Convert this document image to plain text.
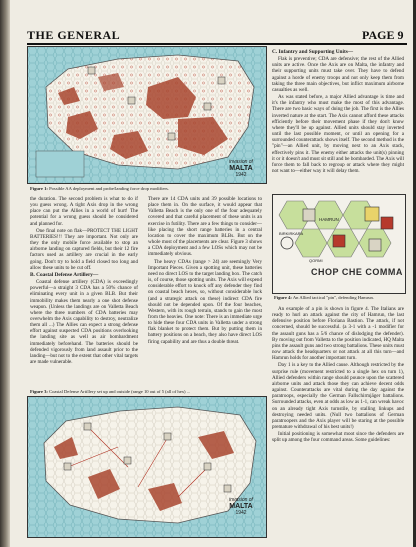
THE GENERAL	PAGE 9
invasion of
MALTA
1942
Figure 1: Possible AA deployment and probe/landing force drop modifiers.

the duration. The second problem is what to do if you guess wrong. A tight Axis drop in the wrong place can put the Allies in a world of hurt! The potential for a wrong guess should be considered and planned for.

One final note on flak—PROTECT THE LIGHT BATTERIES!!! They are important. Not only are they the only mobile force available to stop an airborne landing on captured fields, but their 12 fire factors used as artillery are crucial in the early going. Don't try to hold a field closed too long and allow these units to be cut off.

B. Coastal Defense Artillery—

Coastal defense artillery (CDA) is exceedingly powerful—a straight 3 CDA has a 50% chance of eliminating every unit in a given BLB. But their immobility makes them nearly a one shot defense weapon. (Unless the landings are on Valletta Beach where the three numbers of CDA batteries may overwhelm the Axis capability to destroy, neutralize them all ...) The Allies can expect a strong defense effort against suspected CDA positions overlooking the landing site as well as air bombardment immediately beforehand. The batteries should be defended vigorously from land assault prior to the landing—but not to the extent that other vital targets are made vulnerable.

There are 14 CDA units and 39 possible locations to place them in. On the surface, it would appear that Valletta Beach is the only one of the four adequately covered and that careful placement of these units is an exercise in futility. There are a few things to consider—like placing the short range batteries in a central location to cover the maximum BLBs. But on the whole most of the placements are clear. Figure 3 shows a CDA deployment and a few LOSs which may not be immediately obvious.

The heavy CDAs (range > 24) are seemingly Very Important Pieces. Given a spotting unit, these batteries need no direct LOS to the target landing box. The catch is, of course, those spotting units. The Axis will expend considerable effort to knock off any defender they find on coastal beach hexes, so, without considerable luck (and a strategic attack on these) indirect CDA fire should not be depended upon. Of the four beaches, Western, with its rough terrain, stands to gain the most from the heavies. One note: There is an immediate urge to hide these four CDA units in Valletta under a strong flak blanket to protect them. But by putting them in battery positions on a beach, they also have direct LOS firing capability and are thus a double threat.

C. Infantry and Supporting Units—

Flak is preventive; CDA are defensive; the rest of the Allied units are active. Once the Axis are on Malta, the infantry and their supporting units must take over. They have to defend against a horde of enemy troops and not only keep them from taking the three main objectives, but inflict maximum airborne casualties as well.

As was stated before, a major Allied advantage is time and it's the infantry who must make the most of this advantage. There are two basic ways of doing the job. The first is the Allies inverted nature at the start. The Axis cannot afford these attacks efficiently before their movement phase if they don't know where they'll be up against. Allied units should stay inverted until the last possible moment, or until an opening for a surrounded counterattack shows itself. The second method is the "pin"—an Allied unit, by moving next to an Axis stack, effectively pins it. The enemy either attacks the unit(s) pinning it or it doesn't and must sit still and be bombarded. The Axis will force them to fall back to regroup or attack where they might not want to—either way it will delay them.

HAMRUN
BIRKIRKARA
QORMI
CHOP CHE COMMA
Figure 4: An Allied tactical "pin", defending Hamrun.

An example of a pin is shown in figure 4. The Italians are ready to hurl an attack against the city of Hamrun, the last defensive position before Floriana Bastion. The attack, if not concerned, should be successful. (a 3-1 with a -1 modifier for the assault guns has a 5/6 chance of dislodging the defender). By moving out from Valletta to the position indicated, HQ Malta pins the assault guns and two strong battalions. These units must now attack the headquarters or not attack at all this turn—and Hamrun holds for another important turn.

Day 1 is a key to the Allied cause. Although restricted by the surprise rule (movement restricted to a single hex on turn 1), Allied defenders within range should pounce upon the scattered airborne units and attack those they can achieve decent odds against. Counterattacks are vital during the day against the paratroops, especially the German Fallschirmjäger battalions. Surrounded attacks, even at odds as low as 1-1, can wreak havoc on an already tight Axis turnstile, by stalling linkups and destroying needed units. (Null two battalions of German paratroopers and the Axis player will be staring at the possible premature withdrawal of his best units!)

Initial positioning is somewhat moot since the defenders are split up among the four command areas. Some guidelines:

Figure 3: Coastal Defense Artillery set up and outside (range 10 out of 5 (all of hex) ...
invasion of
MALTA
1942
